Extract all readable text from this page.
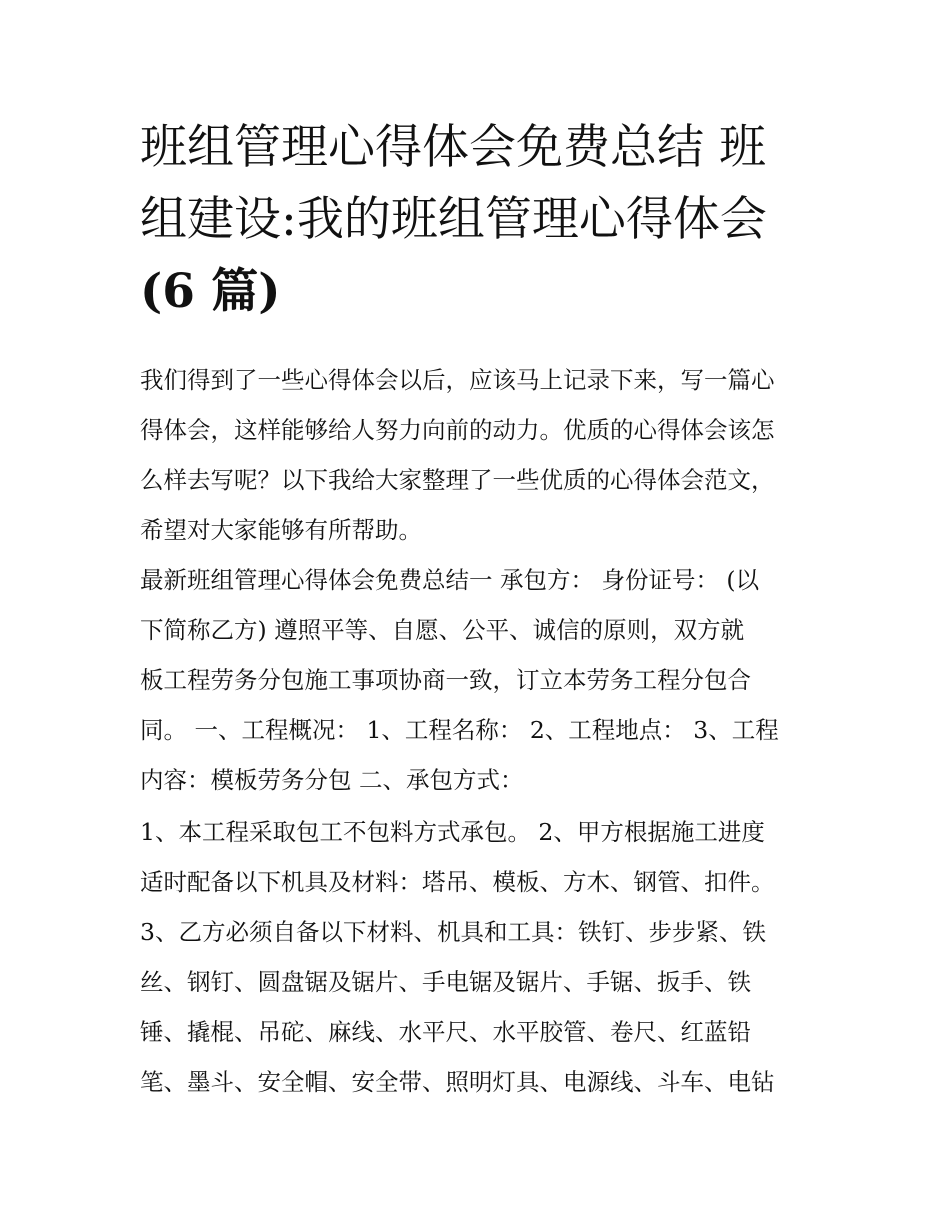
班组管理心得体会免费总结 班
组建设:我的班组管理心得体会
(6 篇)
我们得到了一些心得体会以后，应该马上记录下来，写一篇心
得体会，这样能够给人努力向前的动力。优质的心得体会该怎
么样去写呢？以下我给大家整理了一些优质的心得体会范文，
希望对大家能够有所帮助。
最新班组管理心得体会免费总结一 承包方： 身份证号： (以
下简称乙方) 遵照平等、自愿、公平、诚信的原则，双方就
板工程劳务分包施工事项协商一致，订立本劳务工程分包合
同。 一、工程概况： 1、工程名称： 2、工程地点： 3、工程
内容：模板劳务分包 二、承包方式：
1、本工程采取包工不包料方式承包。 2、甲方根据施工进度
适时配备以下机具及材料：塔吊、模板、方木、钢管、扣件。
3、乙方必须自备以下材料、机具和工具：铁钉、步步紧、铁
丝、钢钉、圆盘锯及锯片、手电锯及锯片、手锯、扳手、铁
锤、撬棍、吊砣、麻线、水平尺、水平胶管、卷尺、红蓝铅
笔、墨斗、安全帽、安全带、照明灯具、电源线、斗车、电钻
